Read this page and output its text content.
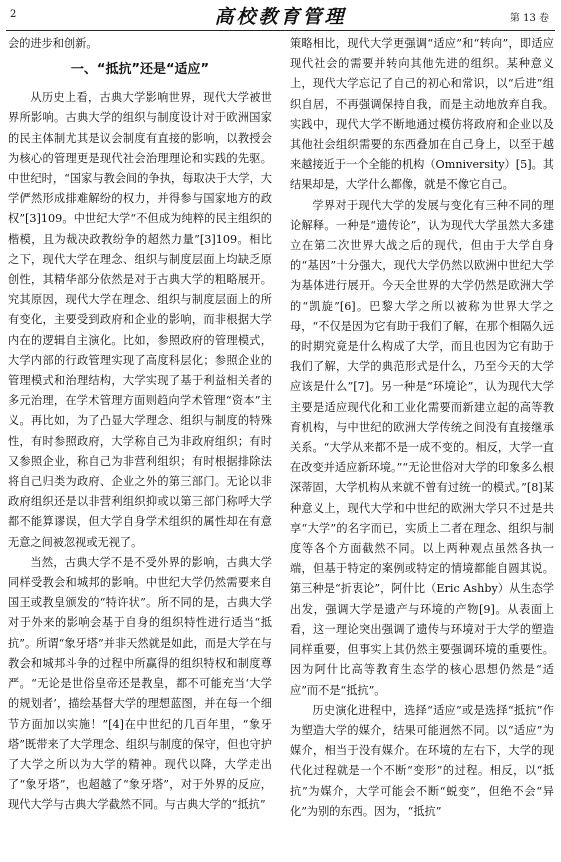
2	高校教育管理	第 13 卷

会的进步和创新。

一、“抵抗”还是“适应”

从历史上看，古典大学影响世界，现代大学被世界所影响。古典大学的组织与制度设计对于欧洲国家的民主体制尤其是议会制度有直接的影响，以教授会为核心的管理更是现代社会治理理论和实践的先驱。中世纪时，“国家与教会间的争执，每取决于大学，大学俨然形成排难解纷的权力，并得参与国家地方的政权”[3]109。中世纪大学“不但成为纯粹的民主组织的楷模，且为裁决政教纷争的超然力量”[3]109。相比之下，现代大学在理念、组织与制度层面上均缺乏原创性，其精华部分依然是对于古典大学的粗略展开。究其原因，现代大学在理念、组织与制度层面上的所有变化，主要受到政府和企业的影响，而非根据大学内在的逻辑自主演化。比如，参照政府的管理模式，大学内部的行政管理实现了高度科层化；参照企业的管理模式和治理结构，大学实现了基于利益相关者的多元治理，在学术管理方面则趋向学术管理“资本”主义。再比如，为了凸显大学理念、组织与制度的特殊性，有时参照政府，大学称自己为非政府组织；有时又参照企业，称自己为非营利组织；有时根据排除法将自己归类为政府、企业之外的第三部门。无论以非政府组织还是以非营利组织抑或以第三部门称呼大学都不能算谬误，但大学自身学术组织的属性却在有意无意之间被忽视或无视了。

当然，古典大学不是不受外界的影响，古典大学同样受教会和城邦的影响。中世纪大学仍然需要来自国王或教皇颁发的“特许状”。所不同的是，古典大学对于外来的影响会基于自身的组织特性进行适当“抵抗”。所谓“象牙塔”并非天然就是如此，而是大学在与教会和城邦斗争的过程中所赢得的组织特权和制度尊严。“无论是世俗皇帝还是教皇，都不可能充当‘大学的规划者’，描绘基督大学的理想蓝图，并在每一个细节方面加以实施！”[4]在中世纪的几百年里，“象牙塔”既带来了大学理念、组织与制度的保守，但也守护了大学之所以为大学的精神。现代以降，大学走出了“象牙塔”，也超越了“象牙塔”，对于外界的反应，现代大学与古典大学截然不同。与古典大学的“抵抗”

策略相比，现代大学更强调“适应”和“转向”，即适应现代社会的需要并转向其他先进的组织。某种意义上，现代大学忘记了自己的初心和常识，以“后进”组织自居，不再强调保持自我，而是主动地放弃自我。实践中，现代大学不断地通过模仿将政府和企业以及其他社会组织需要的东西叠加在自己身上，以至于越来越接近于一个全能的机构（Omniversity）[5]。其结果却是，大学什么都像，就是不像它自己。

学界对于现代大学的发展与变化有三种不同的理论解释。一种是“遗传论”，认为现代大学虽然大多建立在第二次世界大战之后的现代，但由于大学自身的“基因”十分强大，现代大学仍然以欧洲中世纪大学为基体进行展开。今天全世界的大学仍然是欧洲大学的“凯旋”[6]。巴黎大学之所以被称为世界大学之母，“不仅是因为它有助于我们了解，在那个相隔久远的时期究竟是什么构成了大学，而且也因为它有助于我们了解，大学的典范形式是什么，乃至今天的大学应该是什么”[7]。另一种是“环境论”，认为现代大学主要是适应现代化和工业化需要而新建立起的高等教育机构，与中世纪的欧洲大学传统之间没有直接继承关系。“大学从来都不是一成不变的。相反，大学一直在改变并适应新环境。”“无论世俗对大学的印象多么根深蒂固，大学机构从来就不曾有过统一的模式。”[8]某种意义上，现代大学和中世纪的欧洲大学只不过是共享“大学”的名字而已，实质上二者在理念、组织与制度等各个方面截然不同。以上两种观点虽然各执一端，但基于特定的案例或特定的情境都能自圆其说。第三种是“折衷论”，阿什比（Eric Ashby）从生态学出发，强调大学是遗产与环境的产物[9]。从表面上看，这一理论突出强调了遗传与环境对于大学的塑造同样重要，但事实上其仍然主要强调环境的重要性。因为阿什比高等教育生态学的核心思想仍然是“适应”而不是“抵抗”。

历史演化进程中，选择“适应”或是选择“抵抗”作为塑造大学的媒介，结果可能迥然不同。以“适应”为媒介，相当于没有媒介。在环境的左右下，大学的现代化过程就是一个不断“变形”的过程。相反，以“抵抗”为媒介，大学可能会不断“蜕变”，但绝不会“异化”为别的东西。因为，“抵抗”
